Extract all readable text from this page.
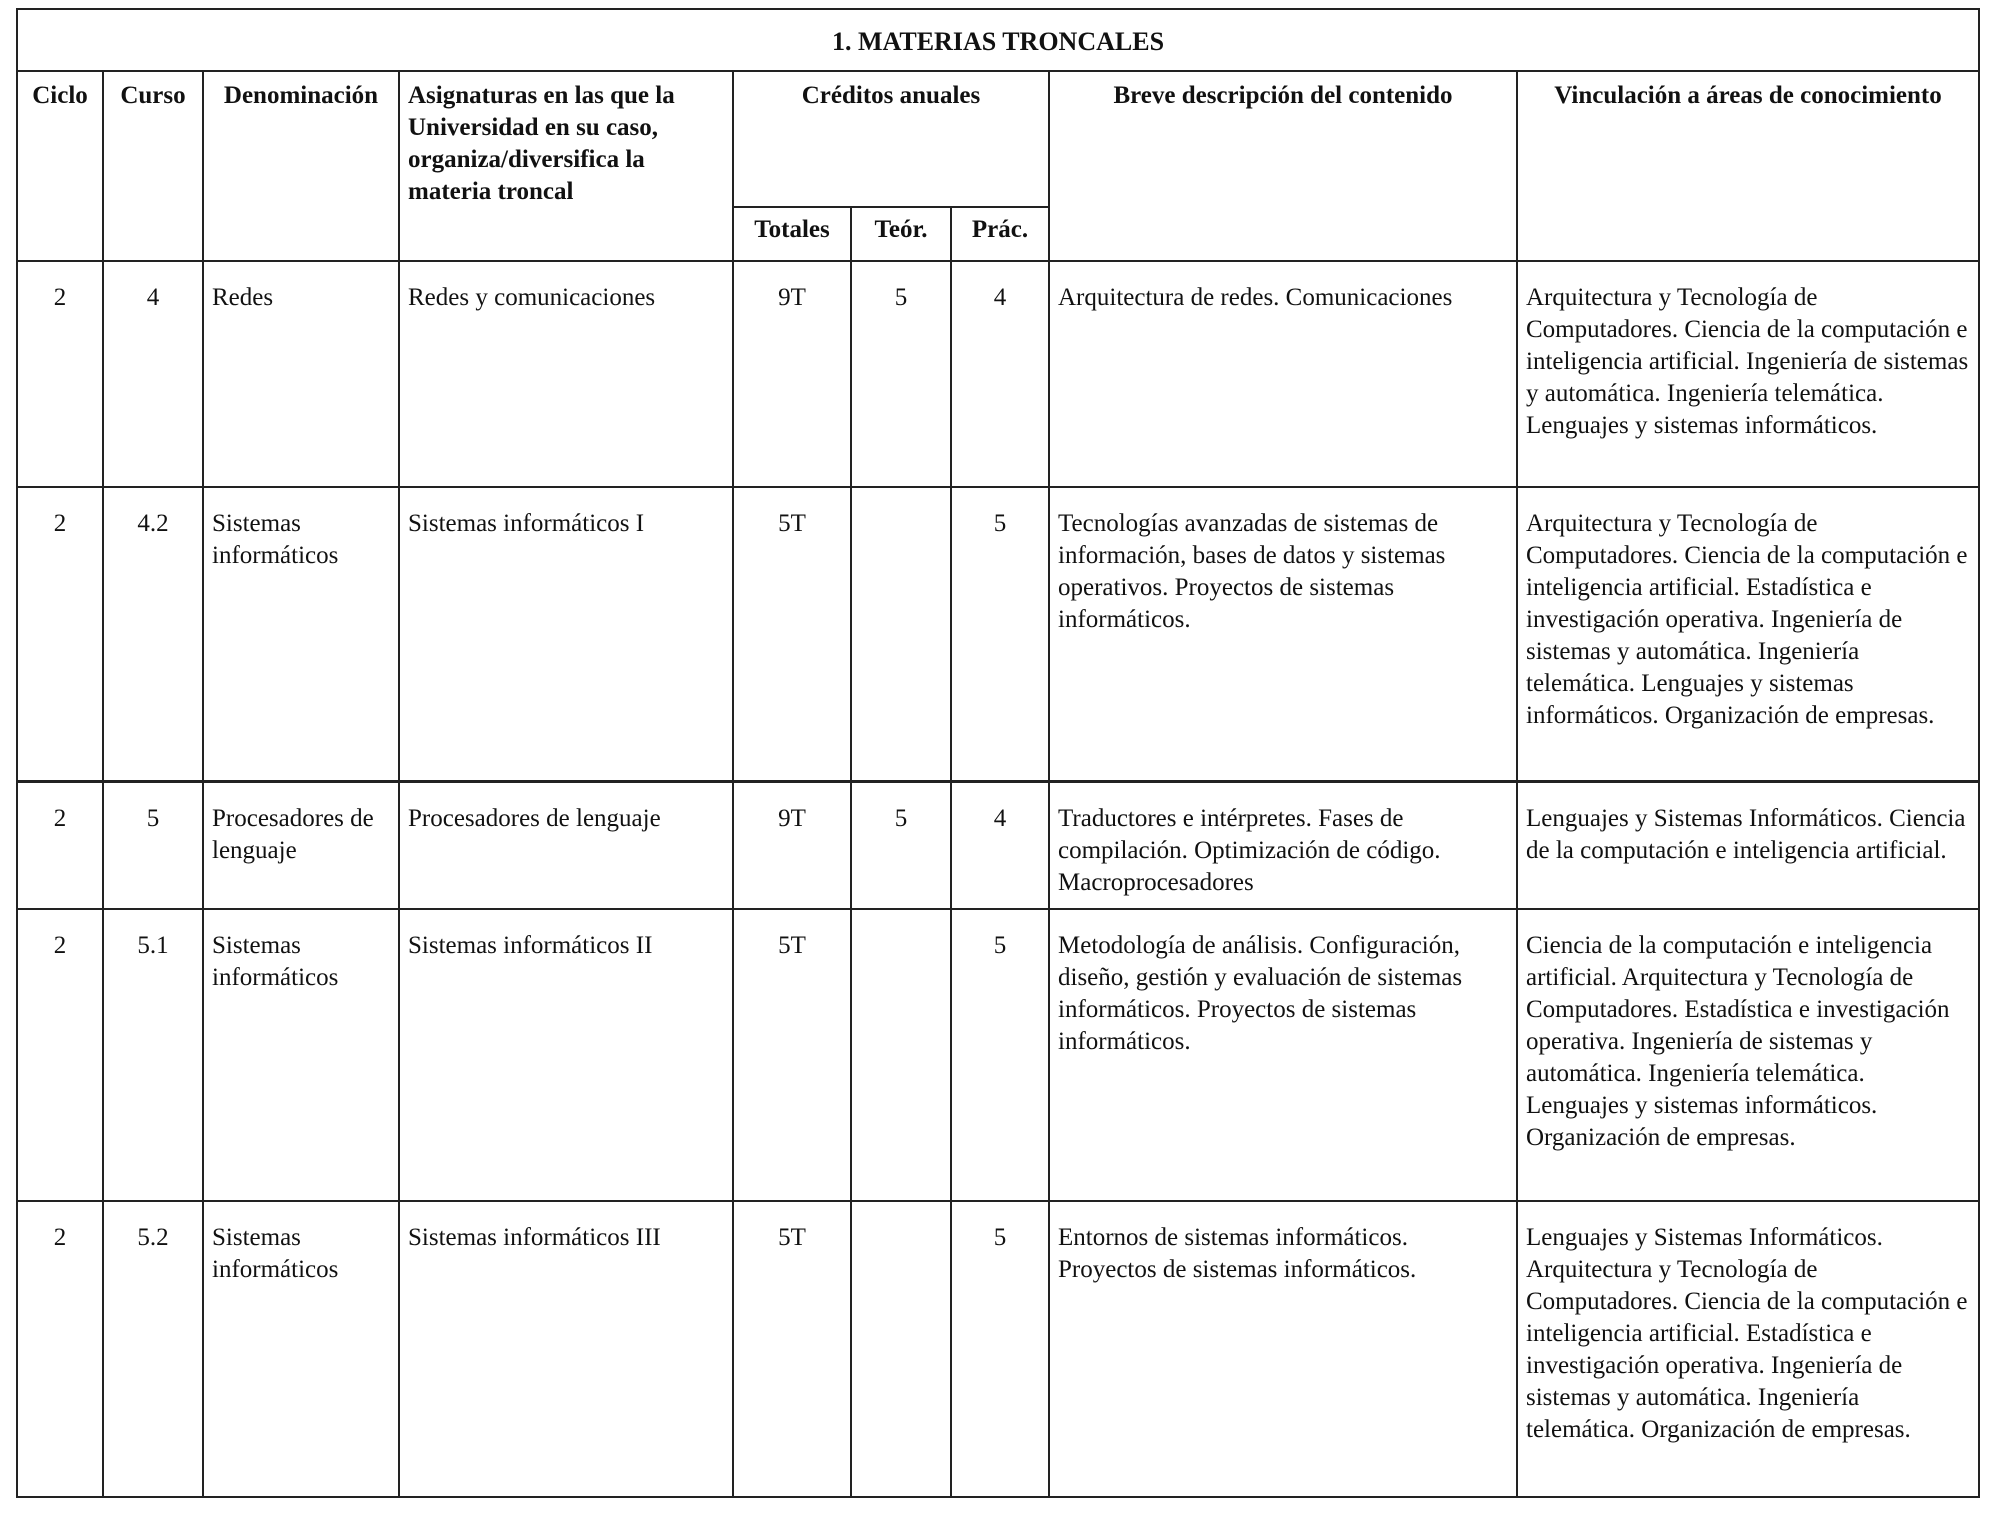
1. MATERIAS TRONCALES								
Ciclo	Curso	Denominación	Asignaturas en las que la Universidad en su caso, organiza/diversifica la materia troncal	Créditos anuales			Breve descripción del contenido	Vinculación a áreas de conocimiento
				Totales	Teór.	Prác.		
2	4	Redes	Redes y comunicaciones	9T	5	4	Arquitectura de redes. Comunicaciones	Arquitectura y Tecnología de Computadores. Ciencia de la computación e inteligencia artificial. Ingeniería de sistemas y automática. Ingeniería telemática. Lenguajes y sistemas informáticos.
2	4.2	Sistemas informáticos	Sistemas informáticos I	5T		5	Tecnologías avanzadas de sistemas de información, bases de datos y sistemas operativos. Proyectos de sistemas informáticos.	Arquitectura y Tecnología de Computadores. Ciencia de la computación e inteligencia artificial. Estadística e investigación operativa. Ingeniería de sistemas y automática. Ingeniería telemática. Lenguajes y sistemas informáticos. Organización de empresas.
2	5	Procesadores de lenguaje	Procesadores de lenguaje	9T	5	4	Traductores e intérpretes. Fases de compilación. Optimización de código. Macroprocesadores	Lenguajes y Sistemas Informáticos. Ciencia de la computación e inteligencia artificial.
2	5.1	Sistemas informáticos	Sistemas informáticos II	5T		5	Metodología de análisis. Configuración, diseño, gestión y evaluación de sistemas informáticos. Proyectos de sistemas informáticos.	Ciencia de la computación e inteligencia artificial. Arquitectura y Tecnología de Computadores. Estadística e investigación operativa. Ingeniería de sistemas y automática. Ingeniería telemática. Lenguajes y sistemas informáticos. Organización de empresas.
2	5.2	Sistemas informáticos	Sistemas informáticos III	5T		5	Entornos de sistemas informáticos. Proyectos de sistemas informáticos.	Lenguajes y Sistemas Informáticos. Arquitectura y Tecnología de Computadores. Ciencia de la computación e inteligencia artificial. Estadística e investigación operativa. Ingeniería de sistemas y automática. Ingeniería telemática. Organización de empresas.
